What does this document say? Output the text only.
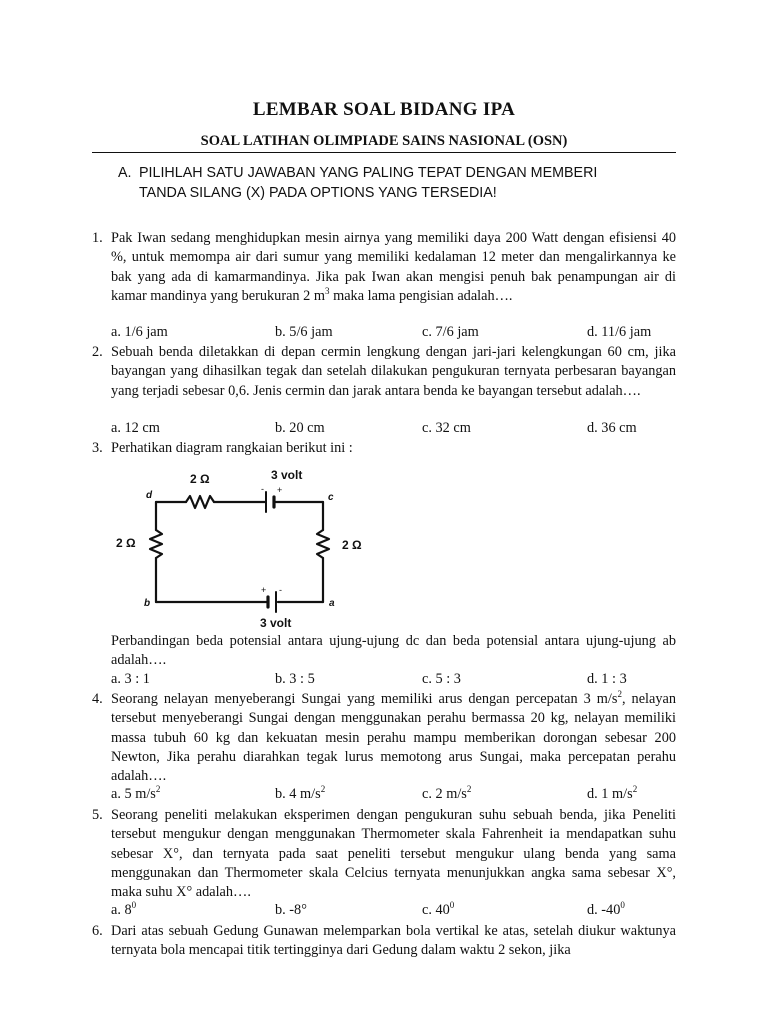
LEMBAR SOAL BIDANG IPA
SOAL LATIHAN OLIMPIADE SAINS NASIONAL (OSN)
A. PILIHLAH SATU JAWABAN YANG PALING TEPAT DENGAN MEMBERI
TANDA SILANG (X) PADA OPTIONS YANG TERSEDIA!
1. Pak Iwan sedang menghidupkan mesin airnya yang memiliki daya 200 Watt dengan efisiensi 40 %, untuk memompa air dari sumur yang memiliki kedalaman 12 meter dan mengalirkannya ke bak yang ada di kamarmandinya. Jika pak Iwan akan mengisi penuh bak penampungan air di kamar mandinya yang berukuran 2 $m^3$ maka lama pengisian adalah….
a. 1/6 jam	b. 5/6 jam	c. 7/6 jam	d. 11/6 jam
2. Sebuah benda diletakkan di depan cermin lengkung dengan jari-jari kelengkungan 60 cm, jika bayangan yang dihasilkan tegak dan setelah dilakukan pengukuran ternyata perbesaran bayangan yang terjadi sebesar 0,6. Jenis cermin dan jarak antara benda ke bayangan tersebut adalah….
a. 12 cm	b. 20 cm	c. 32 cm	d. 36 cm
3. Perhatikan diagram rangkaian berikut ini :
- +
+ -
2 Ω	3 volt
2 Ω	2 Ω
3 volt
d	c
b	a
Perbandingan beda potensial antara ujung-ujung dc dan beda potensial antara ujung-ujung ab adalah….
a. 3 : 1	b. 3 : 5	c. 5 : 3	d. 1 : 3
4. Seorang nelayan menyeberangi Sungai yang memiliki arus dengan percepatan 3 $m/s^2$, nelayan tersebut menyeberangi Sungai dengan menggunakan perahu bermassa 20 kg, nelayan memiliki massa tubuh 60 kg dan kekuatan mesin perahu mampu memberikan dorongan sebesar 200 Newton, Jika perahu diarahkan tegak lurus memotong arus Sungai, maka percepatan perahu adalah….
a. 5 $m/s^2$	b. 4 $m/s^2$	c. 2 $m/s^2$	d. 1 $m/s^2$
5. Seorang peneliti melakukan eksperimen dengan pengukuran suhu sebuah benda, jika Peneliti tersebut mengukur dengan menggunakan Thermometer skala Fahrenheit ia mendapatkan suhu sebesar X°, dan ternyata pada saat peneliti tersebut mengukur ulang benda yang sama menggunakan dan Thermometer skala Celcius ternyata menunjukkan angka sama sebesar X°, maka suhu X° adalah….
a. $8^0$	b. -8°	c. $40^0$	d. $-40^0$
6. Dari atas sebuah Gedung Gunawan melemparkan bola vertikal ke atas, setelah diukur waktunya ternyata bola mencapai titik tertingginya dari Gedung dalam waktu 2 sekon, jika
